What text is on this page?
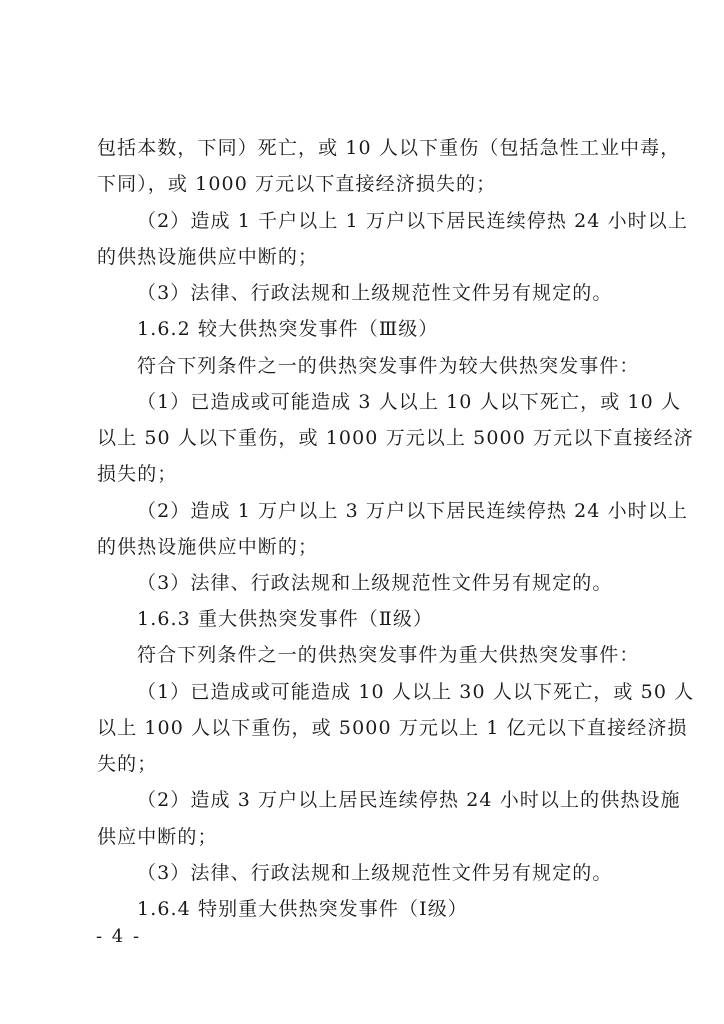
包括本数，下同）死亡，或 10 人以下重伤（包括急性工业中毒，
下同），或 1000 万元以下直接经济损失的；
（2）造成 1 千户以上 1 万户以下居民连续停热 24 小时以上
的供热设施供应中断的；
（3）法律、行政法规和上级规范性文件另有规定的。
1.6.2 较大供热突发事件（Ⅲ级）
符合下列条件之一的供热突发事件为较大供热突发事件：
（1）已造成或可能造成 3 人以上 10 人以下死亡，或 10 人
以上 50 人以下重伤，或 1000 万元以上 5000 万元以下直接经济
损失的；
（2）造成 1 万户以上 3 万户以下居民连续停热 24 小时以上
的供热设施供应中断的；
（3）法律、行政法规和上级规范性文件另有规定的。
1.6.3 重大供热突发事件（Ⅱ级）
符合下列条件之一的供热突发事件为重大供热突发事件：
（1）已造成或可能造成 10 人以上 30 人以下死亡，或 50 人
以上 100 人以下重伤，或 5000 万元以上 1 亿元以下直接经济损
失的；
（2）造成 3 万户以上居民连续停热 24 小时以上的供热设施
供应中断的；
（3）法律、行政法规和上级规范性文件另有规定的。
1.6.4 特别重大供热突发事件（Ⅰ级）
- 4 -
